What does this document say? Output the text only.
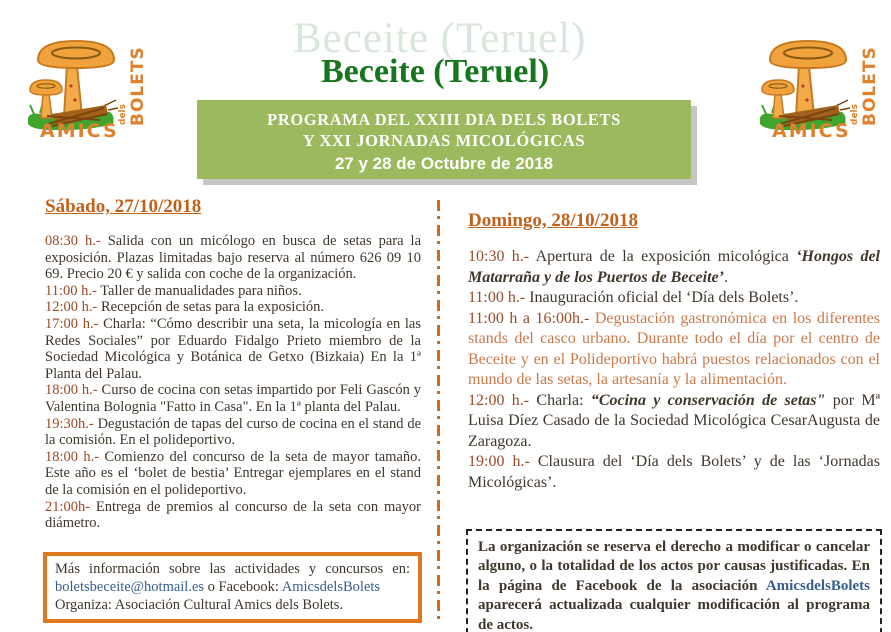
Beceite (Teruel)
Beceite (Teruel)
PROGRAMA DEL XXIII DIA DELS BOLETS
Y XXI JORNADAS MICOLÓGICAS
27 y 28 de Octubre de 2018
Sábado, 27/10/2018

08:30 h.- Salida con un micólogo en busca de setas para la exposición. Plazas limitadas bajo reserva al número 626 09 10 69. Precio 20 € y salida con coche de la organización.

11:00 h.- Taller de manualidades para niños.

12:00 h.- Recepción de setas para la exposición.

17:00 h.- Charla: “Cómo describir una seta, la micología en las Redes Sociales” por Eduardo Fidalgo Prieto miembro de la Sociedad Micológica y Botánica de Getxo (Bizkaia) En la 1ª Planta del Palau.

18:00 h.- Curso de cocina con setas impartido por Feli Gascón y Valentina Bolognia "Fatto in Casa". En la 1ª planta del Palau.

19:30h.- Degustación de tapas del curso de cocina en el stand de la comisión. En el polideportivo.

18:00 h.- Comienzo del concurso de la seta de mayor tamaño. Este año es el ‘bolet de bestia’ Entregar ejemplares en el stand de la comisión en el polideportivo.

21:00h- Entrega de premios al concurso de la seta con mayor diámetro.

Domingo, 28/10/2018

10:30 h.- Apertura de la exposición micológica ‘Hongos del Matarraña y de los Puertos de Beceite’.

11:00 h.- Inauguración oficial del ‘Día dels Bolets’.

11:00 h a 16:00h.- Degustación gastronómica en los diferentes stands del casco urbano. Durante todo el día por el centro de Beceite y en el Polideportivo habrá puestos relacionados con el mundo de las setas, la artesanía y la alimentación.

12:00 h.- Charla: “Cocina y conservación de setas" por Mª Luisa Díez Casado de la Sociedad Micológica CesarAugusta de Zaragoza.

19:00 h.- Clausura del ‘Día dels Bolets’ y de las ‘Jornadas Micológicas’.

Más información sobre las actividades y concursos en: boletsbeceite@hotmail.es o Facebook: AmicsdelsBolets

Organiza: Asociación Cultural Amics dels Bolets.

La organización se reserva el derecho a modificar o cancelar alguno, o la totalidad de los actos por causas justificadas. En la página de Facebook de la asociación AmicsdelsBolets aparecerá actualizada cualquier modificación al programa de actos.
